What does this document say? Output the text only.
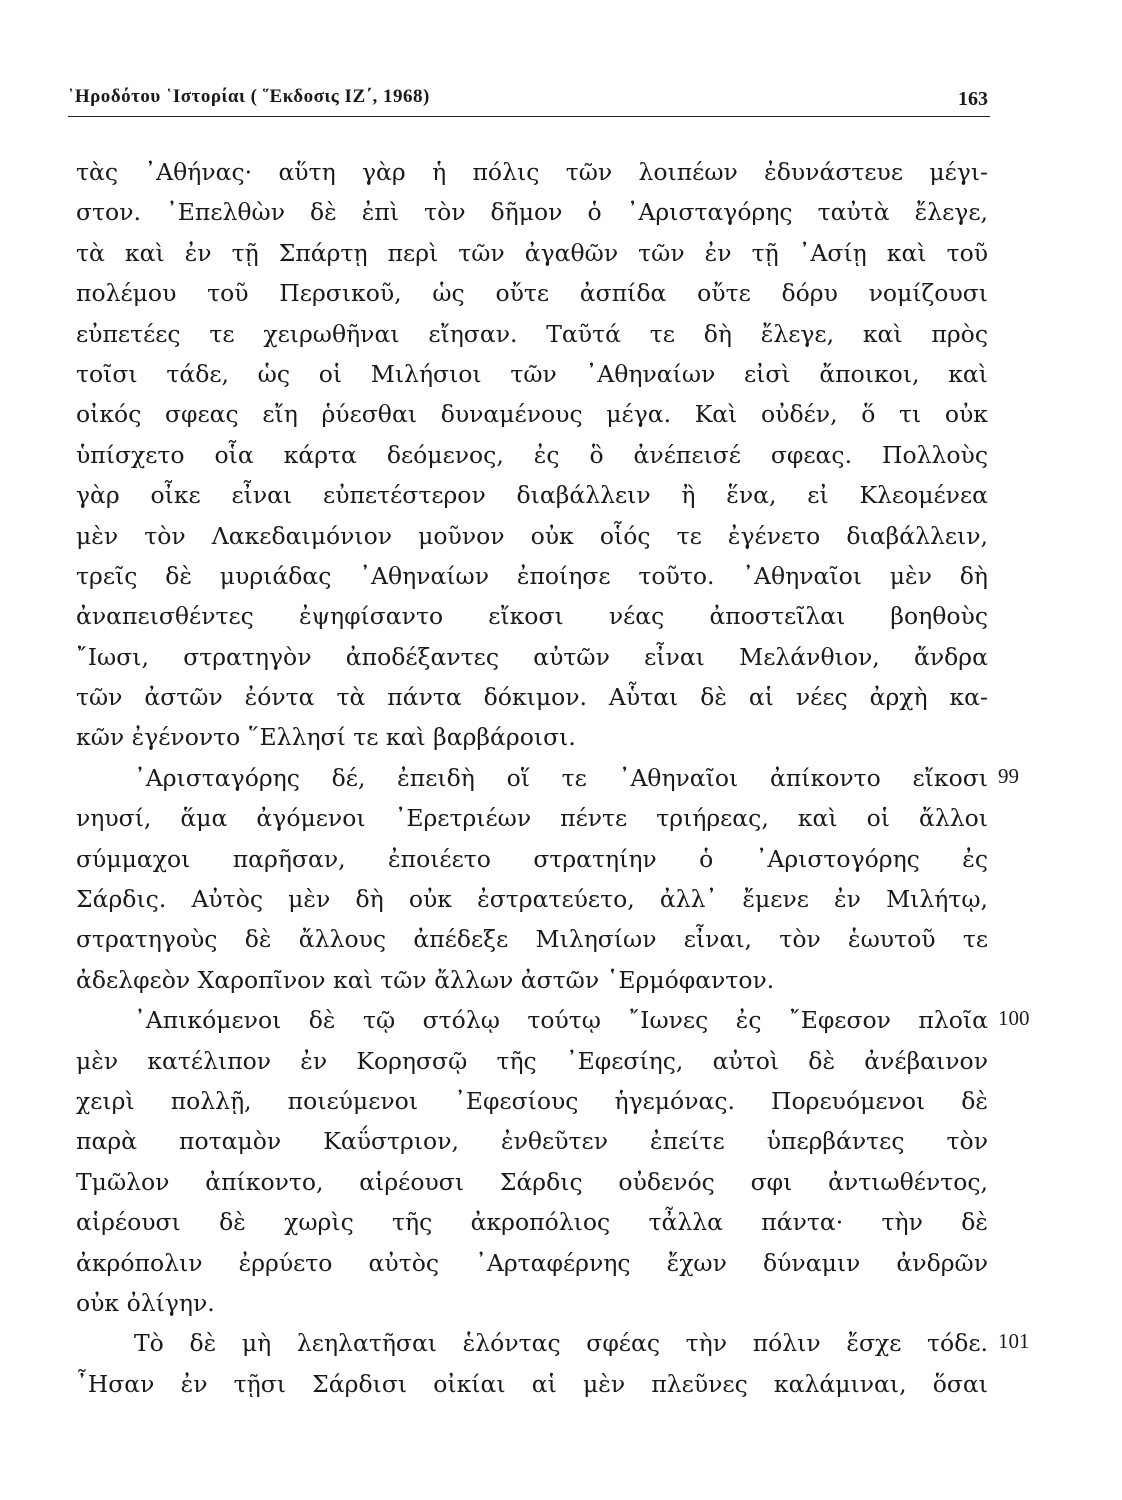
῾Ηροδότου ῾Ιστορίαι ( ῞Εκδοσις ΙΖ΄, 1968)	163
τὰς ᾿Αθήνας· αὕτη γὰρ ἡ πόλις τῶν λοιπέων ἐδυνάστευε μέγι-
στον. ᾿Επελθὼν δὲ ἐπὶ τὸν δῆμον ὁ ᾿Αρισταγόρης ταὐτὰ ἔλεγε,
τὰ καὶ ἐν τῇ Σπάρτῃ περὶ τῶν ἀγαθῶν τῶν ἐν τῇ ᾿Ασίῃ καὶ τοῦ
πολέμου τοῦ Περσικοῦ, ὡς οὔτε ἀσπίδα οὔτε δόρυ νομίζουσι
εὐπετέες τε χειρωθῆναι εἴησαν. Ταῦτά τε δὴ ἔλεγε, καὶ πρὸς
τοῖσι τάδε, ὡς οἱ Μιλήσιοι τῶν ᾿Αθηναίων εἰσὶ ἄποικοι, καὶ
οἰκός σφεας εἴη ῥύεσθαι δυναμένους μέγα. Καὶ οὐδέν, ὅ τι οὐκ
ὑπίσχετο οἷα κάρτα δεόμενος, ἐς ὃ ἀνέπεισέ σφεας. Πολλοὺς
γὰρ οἶκε εἶναι εὐπετέστερον διαβάλλειν ἢ ἕνα, εἰ Κλεομένεα
μὲν τὸν Λακεδαιμόνιον μοῦνον οὐκ οἷός τε ἐγένετο διαβάλλειν,
τρεῖς δὲ μυριάδας ᾿Αθηναίων ἐποίησε τοῦτο. ᾿Αθηναῖοι μὲν δὴ
ἀναπεισθέντες ἐψηφίσαντο εἴκοσι νέας ἀποστεῖλαι βοηθοὺς
῎Ιωσι, στρατηγὸν ἀποδέξαντες αὐτῶν εἶναι Μελάνθιον, ἄνδρα
τῶν ἀστῶν ἐόντα τὰ πάντα δόκιμον. Αὗται δὲ αἱ νέες ἀρχὴ κα-
κῶν ἐγένοντο ῞Ελλησί τε καὶ βαρβάροισι.
᾿Αρισταγόρης δέ, ἐπειδὴ οἵ τε ᾿Αθηναῖοι ἀπίκοντο εἴκοσι
νηυσί, ἅμα ἀγόμενοι ᾿Ερετριέων πέντε τριήρεας, καὶ οἱ ἄλλοι
σύμμαχοι παρῆσαν, ἐποιέετο στρατηίην ὁ ᾿Αριστογόρης ἐς
Σάρδις. Αὐτὸς μὲν δὴ οὐκ ἐστρατεύετο, ἀλλ᾿ ἔμενε ἐν Μιλήτῳ,
στρατηγοὺς δὲ ἄλλους ἀπέδεξε Μιλησίων εἶναι, τὸν ἑωυτοῦ τε
ἀδελφεὸν Χαροπῖνον καὶ τῶν ἄλλων ἀστῶν ῾Ερμόφαντον.
᾿Απικόμενοι δὲ τῷ στόλῳ τούτῳ ῎Ιωνες ἐς ῎Εφεσον πλοῖα
μὲν κατέλιπον ἐν Κορησσῷ τῆς ᾿Εφεσίης, αὐτοὶ δὲ ἀνέβαινον
χειρὶ πολλῇ, ποιεύμενοι ᾿Εφεσίους ἡγεμόνας. Πορευόμενοι δὲ
παρὰ ποταμὸν Καΰστριον, ἐνθεῦτεν ἐπείτε ὑπερβάντες τὸν
Τμῶλον ἀπίκοντο, αἱρέουσι Σάρδις οὐδενός σφι ἀντιωθέντος,
αἱρέουσι δὲ χωρὶς τῆς ἀκροπόλιος τἆλλα πάντα· τὴν δὲ
ἀκρόπολιν ἐρρύετο αὐτὸς ᾿Αρταφέρνης ἔχων δύναμιν ἀνδρῶν
οὐκ ὀλίγην.
Τὸ δὲ μὴ λεηλατῆσαι ἑλόντας σφέας τὴν πόλιν ἔσχε τόδε.
῏Ησαν ἐν τῇσι Σάρδισι οἰκίαι αἱ μὲν πλεῦνες καλάμιναι, ὅσαι
99
100
101
